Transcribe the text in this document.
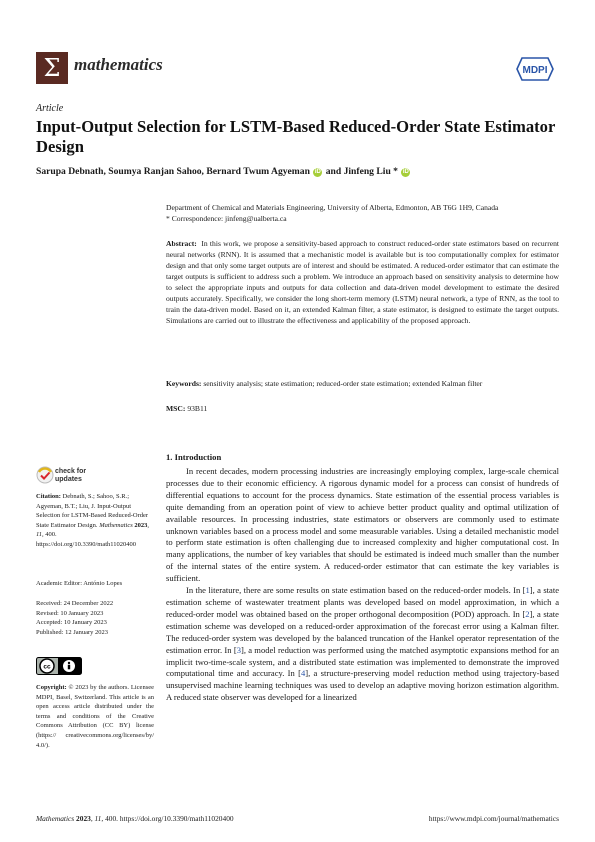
Σ mathematics	MDPI
Article
Input-Output Selection for LSTM-Based Reduced-Order State Estimator Design
Sarupa Debnath, Soumya Ranjan Sahoo, Bernard Twum Agyeman iD and Jinfeng Liu * iD
Department of Chemical and Materials Engineering, University of Alberta, Edmonton, AB T6G 1H9, Canada
* Correspondence: jinfeng@ualberta.ca
Abstract: In this work, we propose a sensitivity-based approach to construct reduced-order state estimators based on recurrent neural networks (RNN). It is assumed that a mechanistic model is available but is too computationally complex for estimator design and that only some target outputs are of interest and should be estimated. A reduced-order estimator that can estimate the target outputs is sufficient to address such a problem. We introduce an approach based on sensitivity analysis to determine how to select the appropriate inputs and outputs for data collection and data-driven model development to estimate the desired outputs accurately. Specifically, we consider the long short-term memory (LSTM) neural network, a type of RNN, as the tool to train the data-driven model. Based on it, an extended Kalman filter, a state estimator, is designed to estimate the target outputs. Simulations are carried out to illustrate the effectiveness and applicability of the proposed approach.
Keywords: sensitivity analysis; state estimation; reduced-order state estimation; extended Kalman filter
MSC: 93B11
1. Introduction

In recent decades, modern processing industries are increasingly employing complex, large-scale chemical processes due to their economic efficiency. A rigorous dynamic model for a process can consist of hundreds of differential equations to account for the process dynamics. State estimation of the essential process variables is quite demanding from an operation point of view to achieve better product quality and optimal utilization of available resources. In processing industries, state estimators or observers are commonly used to estimate unknown variables based on a process model and some measurable variables. Using a detailed mechanistic model to perform state estimation is often challenging due to increased complexity and higher computational cost. In many applications, the number of key variables that should be estimated is indeed much smaller than the number of the internal states of the entire system. A reduced-order estimator that can estimate the key variables is sufficient.

In the literature, there are some results on state estimation based on the reduced-order models. In [1], a state estimation scheme of wastewater treatment plants was developed based on model approximation, in which a reduced-order model was obtained based on the proper orthogonal decomposition (POD) approach. In [2], a state estimation scheme was developed on a reduced-order approximation of the forecast error using a Kalman filter. The reduced-order system was developed by the balanced truncation of the Hankel operator representation of the estimation error. In [3], a model reduction was performed using the matched asymptotic expansions method for an implicit two-time-scale system, and a distributed state estimation was implemented to demonstrate the improved computational time and accuracy. In [4], a structure-preserving model reduction method using trajectory-based unsupervised machine learning techniques was used to develop an adaptive moving horizon estimation algorithm. A reduced state observer was developed for a linearized

check for
updates
Citation: Debnath, S.; Sahoo, S.R.; Agyeman, B.T.; Liu, J. Input-Output Selection for LSTM-Based Reduced-Order State Estimator Design. Mathematics 2023, 11, 400. https://doi.org/10.3390/math11020400
Academic Editor: António Lopes
Received: 24 December 2022
Revised: 10 January 2023
Accepted: 10 January 2023
Published: 12 January 2023
cc
Copyright: © 2023 by the authors. Licensee MDPI, Basel, Switzerland. This article is an open access article distributed under the terms and conditions of the Creative Commons Attribution (CC BY) license (https:// creativecommons.org/licenses/by/ 4.0/).
Mathematics 2023, 11, 400. https://doi.org/10.3390/math11020400	https://www.mdpi.com/journal/mathematics
